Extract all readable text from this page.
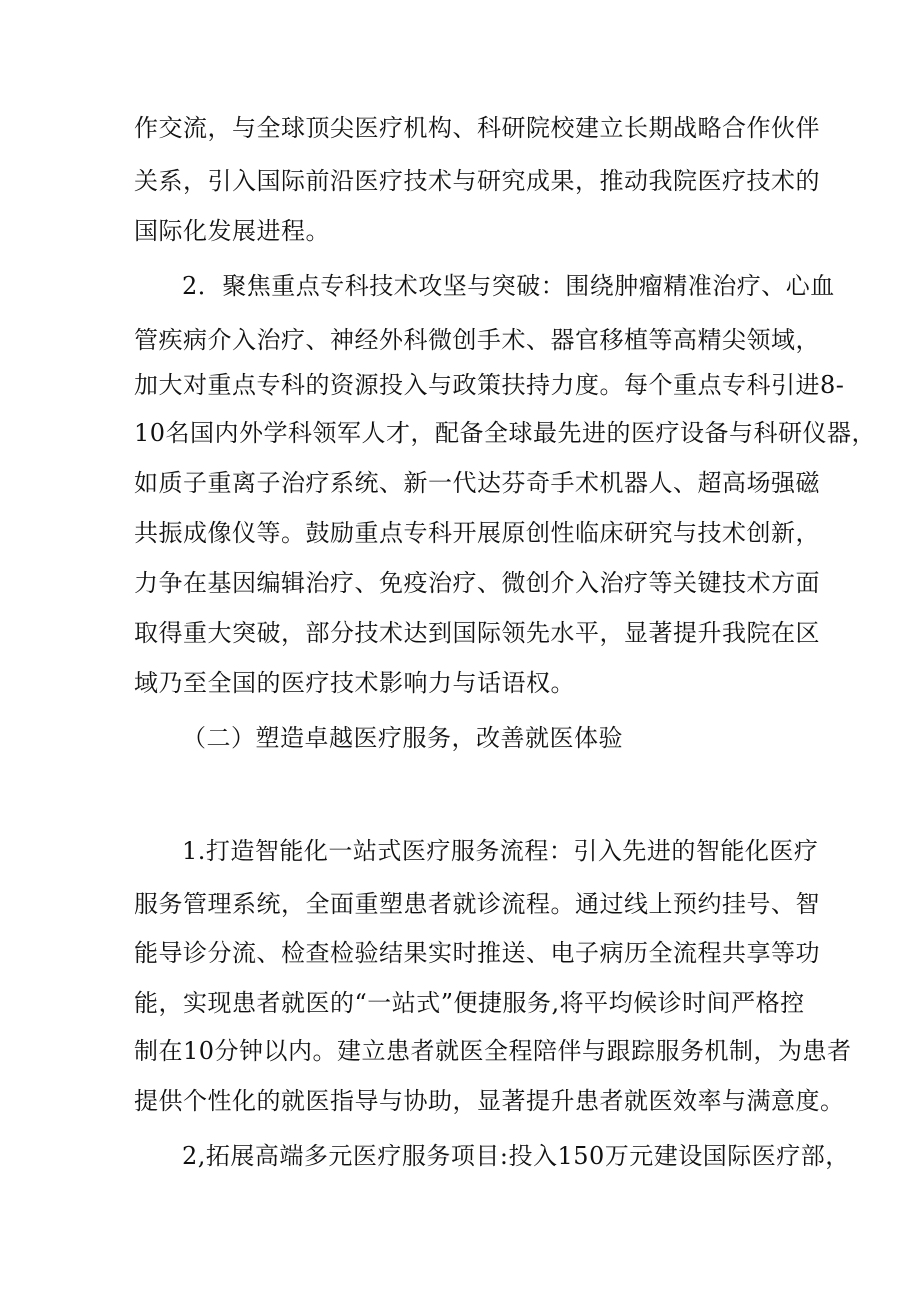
作交流，与全球顶尖医疗机构、科研院校建立长期战略合作伙伴

关系，引入国际前沿医疗技术与研究成果，推动我院医疗技术的

国际化发展进程。

2．聚焦重点专科技术攻坚与突破：围绕肿瘤精准治疗、心血

管疾病介入治疗、神经外科微创手术、器官移植等高精尖领域，

加大对重点专科的资源投入与政策扶持力度。每个重点专科引进8-

10名国内外学科领军人才，配备全球最先进的医疗设备与科研仪器，

如质子重离子治疗系统、新一代达芬奇手术机器人、超高场强磁

共振成像仪等。鼓励重点专科开展原创性临床研究与技术创新，

力争在基因编辑治疗、免疫治疗、微创介入治疗等关键技术方面

取得重大突破，部分技术达到国际领先水平，显著提升我院在区

域乃至全国的医疗技术影响力与话语权。

（二）塑造卓越医疗服务，改善就医体验

1.打造智能化一站式医疗服务流程：引入先进的智能化医疗

服务管理系统，全面重塑患者就诊流程。通过线上预约挂号、智

能导诊分流、检查检验结果实时推送、电子病历全流程共享等功

能，实现患者就医的“一站式”便捷服务,将平均候诊时间严格控

制在10分钟以内。建立患者就医全程陪伴与跟踪服务机制，为患者

提供个性化的就医指导与协助，显著提升患者就医效率与满意度。

2,拓展高端多元医疗服务项目:投入150万元建设国际医疗部，
